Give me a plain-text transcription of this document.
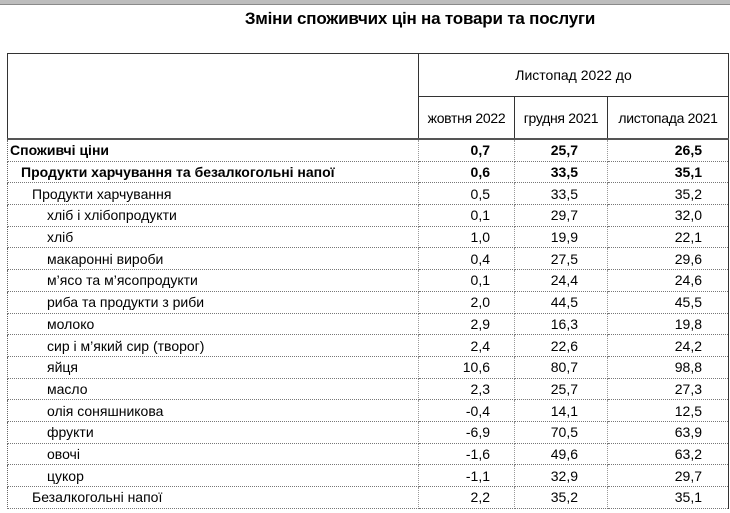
Зміни споживчих цін на товари та послуги
	Листопад 2022 до		
	жовтня 2022	грудня 2021	листопада 2021
Споживчі ціни	0,7	25,7	26,5
Продукти харчування та безалкогольні напої	0,6	33,5	35,1
Продукти харчування	0,5	33,5	35,2
хліб і хлібопродукти	0,1	29,7	32,0
хліб	1,0	19,9	22,1
макаронні вироби	0,4	27,5	29,6
м’ясо та м’ясопродукти	0,1	24,4	24,6
риба та продукти з риби	2,0	44,5	45,5
молоко	2,9	16,3	19,8
сир і м’який сир (творог)	2,4	22,6	24,2
яйця	10,6	80,7	98,8
масло	2,3	25,7	27,3
олія соняшникова	-0,4	14,1	12,5
фрукти	-6,9	70,5	63,9
овочі	-1,6	49,6	63,2
цукор	-1,1	32,9	29,7
Безалкогольні напої	2,2	35,2	35,1
